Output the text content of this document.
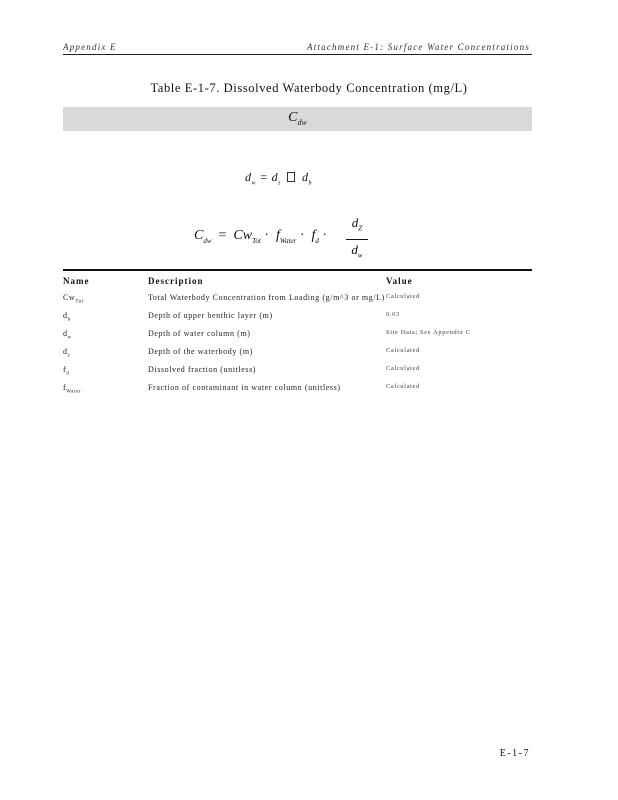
Appendix E	Attachment E-1: Surface Water Concentrations
Table E-1-7. Dissolved Waterbody Concentration (mg/L)
$C_{dw}$
$d_w = d_z$ $d_b$
$C_{dw} = Cw_{Tot} \cdot f_{Water} \cdot f_d$ ·
$d_Z$
$d_w$
Name	Description	Value
$Cw_{Tot}$	Total Waterbody Concentration from Loading (g/m^3 or mg/L)	Calculated
$d_b$	Depth of upper benthic layer (m)	0.03
$d_w$	Depth of water column (m)	Site Data; See Appendix C
$d_z$	Depth of the waterbody (m)	Calculated
$f_d$	Dissolved fraction (unitless)	Calculated
$f_{Water}$	Fraction of contaminant in water column (unitless)	Calculated
E-1-7
